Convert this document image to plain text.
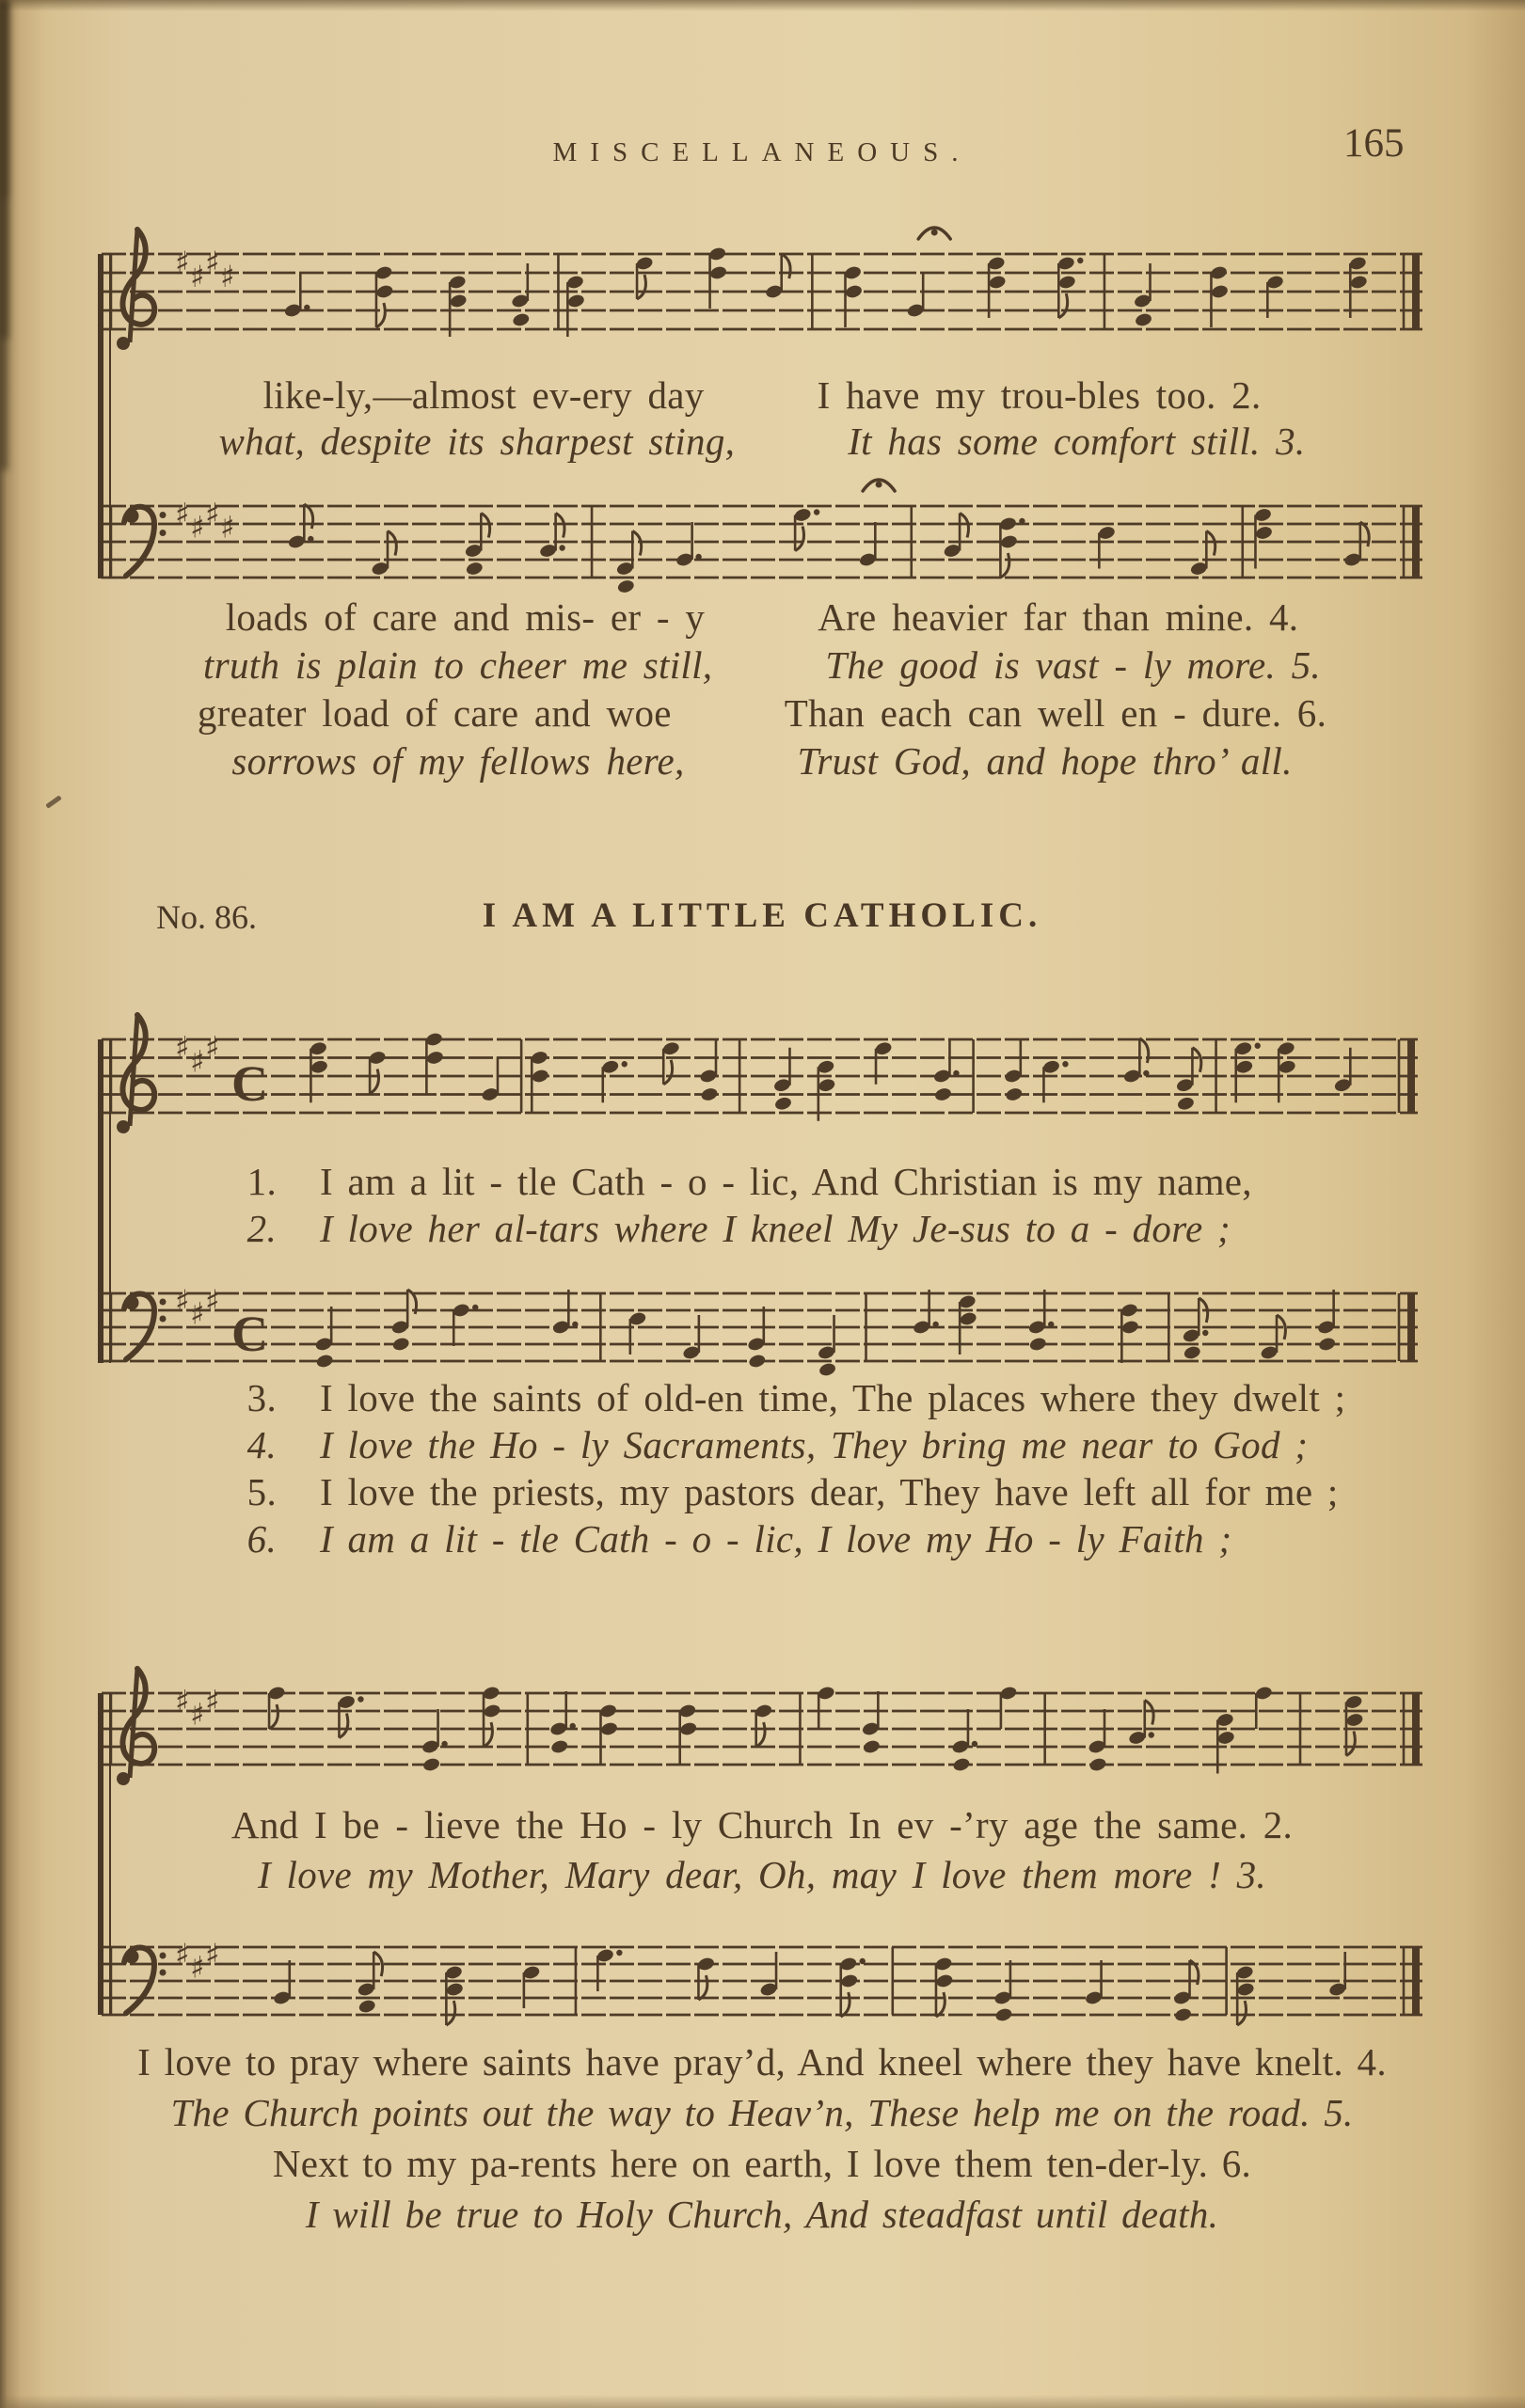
MISCELLANEOUS.	165
♯ ♯ ♯ ♯
like-ly,—almost ev-ery day	I have my trou-bles too. 2.
what, despite its sharpest sting,	It has some comfort still. 3.
♯ ♯ ♯ ♯
loads of care and mis- er - y	Are heavier far than mine. 4.
truth is plain to cheer me still,	The good is vast - ly more. 5.
greater load of care and woe	Than each can well en - dure. 6.
sorrows of my fellows here,	Trust God, and hope thro’ all.
No. 86.	I AM A LITTLE CATHOLIC.
♯ ♯ ♯
C
1. I am a lit - tle Cath - o - lic, And Christian is my name,
2. I love her al-tars where I kneel My Je-sus to a - dore ;
♯ ♯ ♯
C
3. I love the saints of old-en time, The places where they dwelt ;
4. I love the Ho - ly Sacraments, They bring me near to God ;
5. I love the priests, my pastors dear, They have left all for me ;
6. I am a lit - tle Cath - o - lic, I love my Ho - ly Faith ;
♯ ♯ ♯
And I be - lieve the Ho - ly Church In ev -’ry age the same. 2.
I love my Mother, Mary dear, Oh, may I love them more ! 3.
♯ ♯ ♯
I love to pray where saints have pray’d, And kneel where they have knelt. 4.
The Church points out the way to Heav’n, These help me on the road. 5.
Next to my pa-rents here on earth, I love them ten-der-ly. 6.
I will be true to Holy Church, And steadfast until death.
